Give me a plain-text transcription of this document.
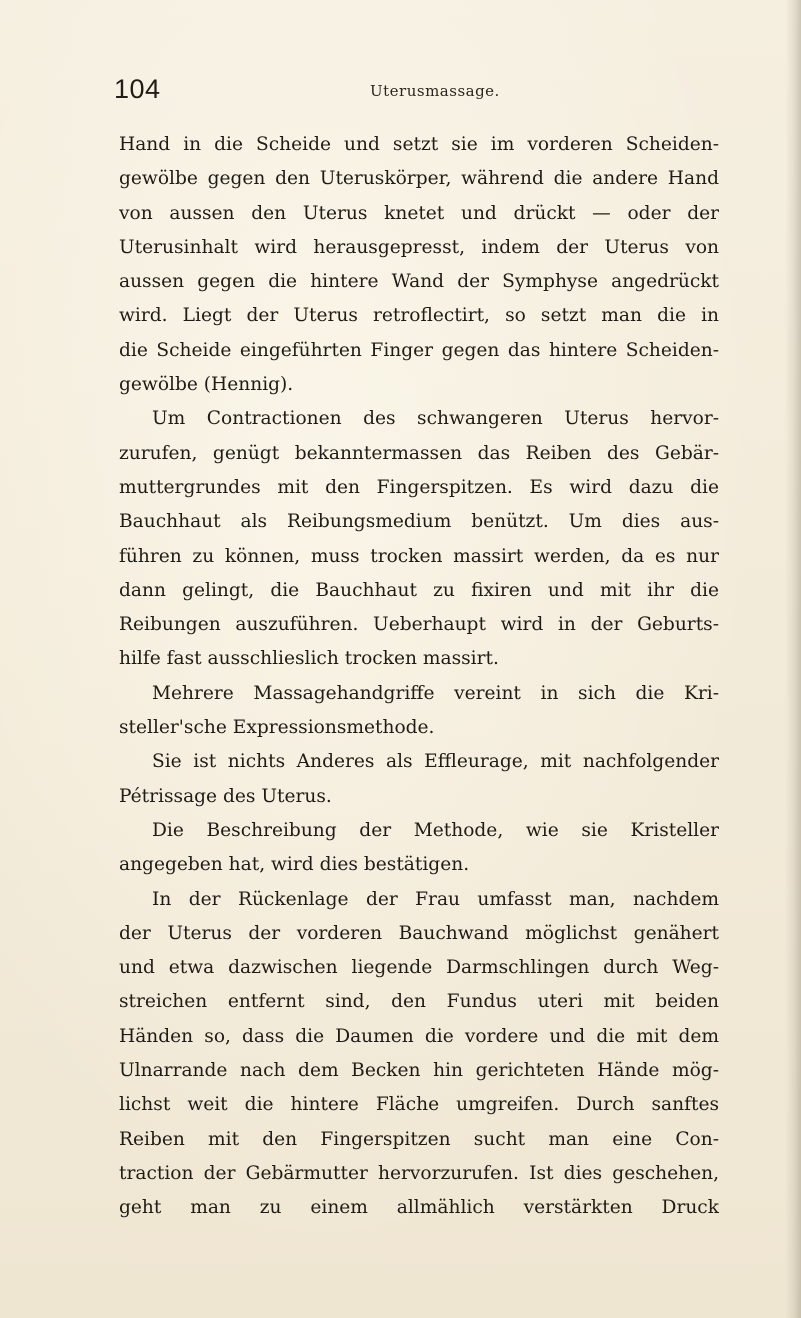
104	Uterusmassage.
Hand in die Scheide und setzt sie im vorderen Scheiden-
gewölbe gegen den Uteruskörper, während die andere Hand
von aussen den Uterus knetet und drückt — oder der
Uterusinhalt wird herausgepresst, indem der Uterus von
aussen gegen die hintere Wand der Symphyse angedrückt
wird. Liegt der Uterus retroflectirt, so setzt man die in
die Scheide eingeführten Finger gegen das hintere Scheiden-
gewölbe (Hennig).
Um Contractionen des schwangeren Uterus hervor-
zurufen, genügt bekanntermassen das Reiben des Gebär-
muttergrundes mit den Fingerspitzen. Es wird dazu die
Bauchhaut als Reibungsmedium benützt. Um dies aus-
führen zu können, muss trocken massirt werden, da es nur
dann gelingt, die Bauchhaut zu fixiren und mit ihr die
Reibungen auszuführen. Ueberhaupt wird in der Geburts-
hilfe fast ausschlieslich trocken massirt.
Mehrere Massagehandgriffe vereint in sich die Kri-
steller'sche Expressionsmethode.
Sie ist nichts Anderes als Effleurage, mit nachfolgender
Pétrissage des Uterus.
Die Beschreibung der Methode, wie sie Kristeller
angegeben hat, wird dies bestätigen.
In der Rückenlage der Frau umfasst man, nachdem
der Uterus der vorderen Bauchwand möglichst genähert
und etwa dazwischen liegende Darmschlingen durch Weg-
streichen entfernt sind, den Fundus uteri mit beiden
Händen so, dass die Daumen die vordere und die mit dem
Ulnarrande nach dem Becken hin gerichteten Hände mög-
lichst weit die hintere Fläche umgreifen. Durch sanftes
Reiben mit den Fingerspitzen sucht man eine Con-
traction der Gebärmutter hervorzurufen. Ist dies geschehen,
geht man zu einem allmählich verstärkten Druck
